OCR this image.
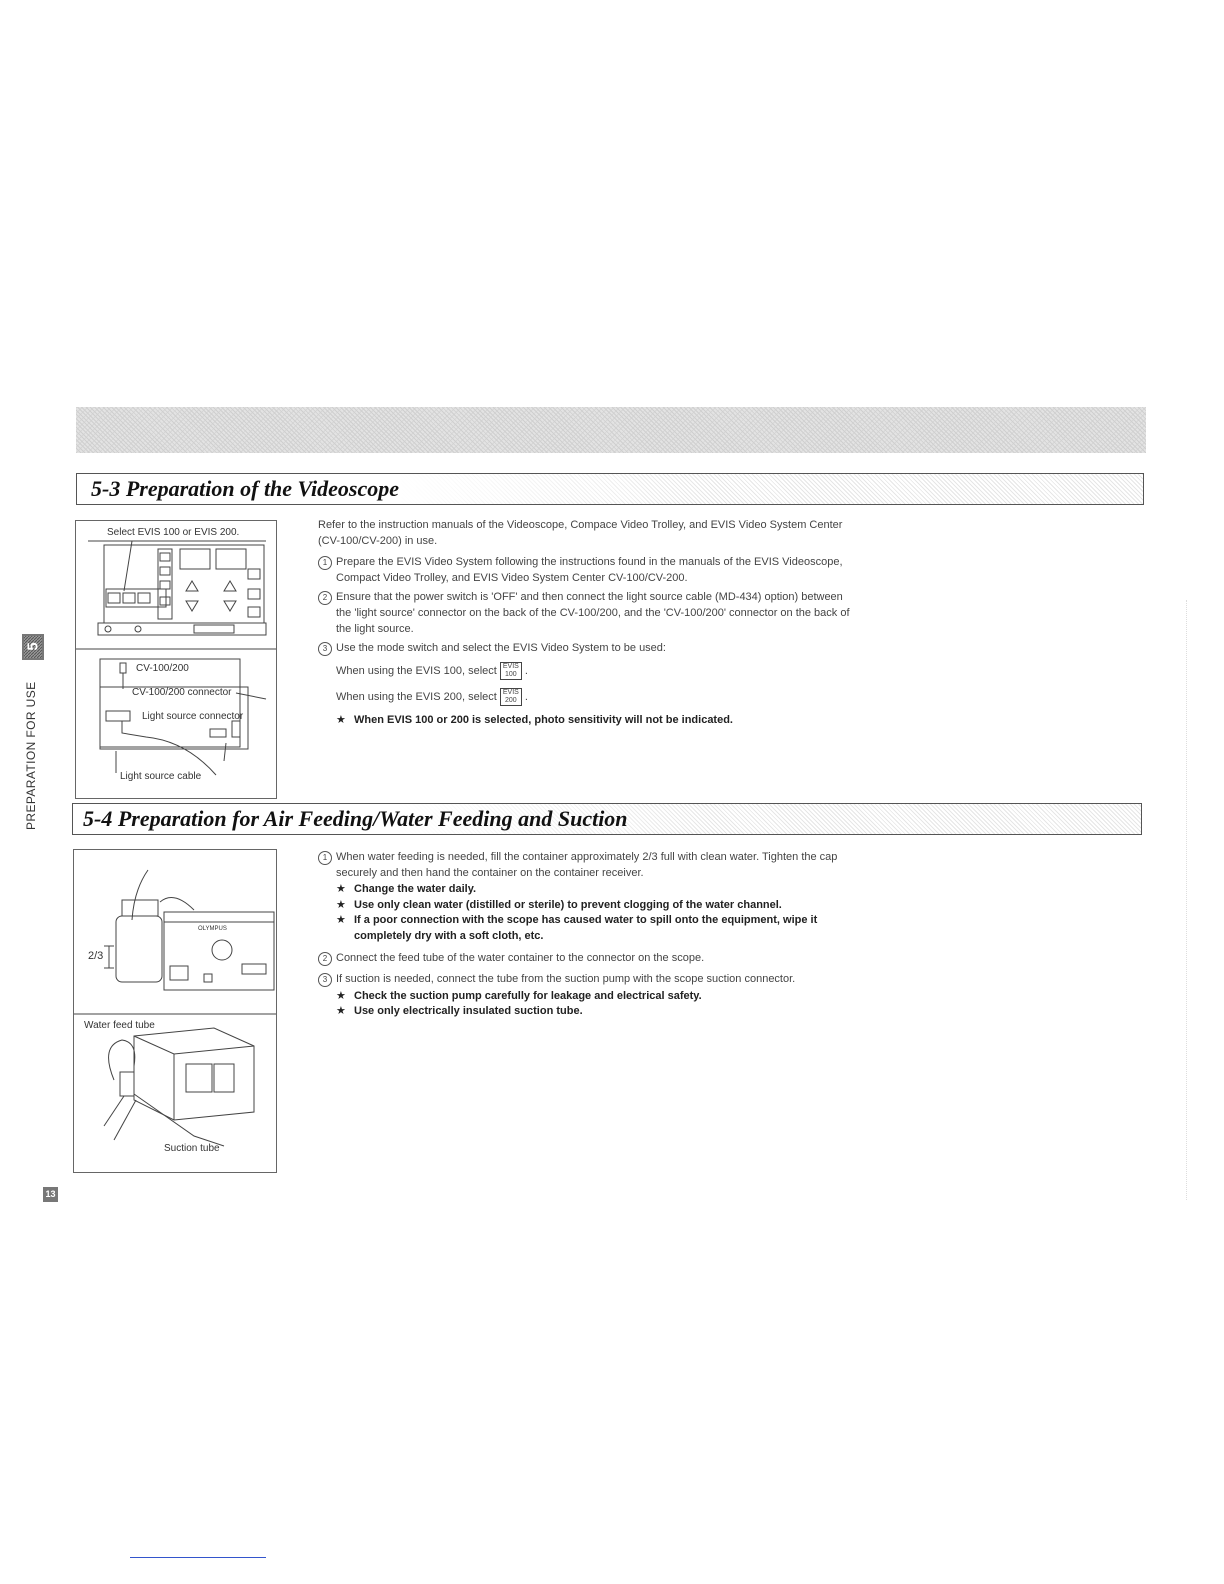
5
PREPARATION FOR USE
13
5-3 Preparation of the Videoscope
Select EVIS 100 or EVIS 200.
CV-100/200
CV-100/200 connector
Light source connector
Light source cable

Refer to the instruction manuals of the Videoscope, Compace Video Trolley, and EVIS Video System Center (CV-100/CV-200) in use.

1 Prepare the EVIS Video System following the instructions found in the manuals of the EVIS Videoscope, Compact Video Trolley, and EVIS Video System Center CV-100/CV-200.
2 Ensure that the power switch is 'OFF' and then connect the light source cable (MD-434) option) between the 'light source' connector on the back of the CV-100/200, and the 'CV-100/200' connector on the back of the light source.
3 Use the mode switch and select the EVIS Video System to be used:
When using the EVIS 100, select EVIS
100 .
When using the EVIS 200, select EVIS
200 .
★ When EVIS 100 or 200 is selected, photo sensitivity will not be indicated.
5-4 Preparation for Air Feeding/Water Feeding and Suction
2/3
OLYMPUS
Water feed tube
Suction tube
1 When water feeding is needed, fill the container approximately 2/3 full with clean water. Tighten the cap securely and then hand the container on the container receiver.
★ Change the water daily.
★ Use only clean water (distilled or sterile) to prevent clogging of the water channel.
★ If a poor connection with the scope has caused water to spill onto the equipment, wipe it completely dry with a soft cloth, etc.
2 Connect the feed tube of the water container to the connector on the scope.
3 If suction is needed, connect the tube from the suction pump with the scope suction connector.
★ Check the suction pump carefully for leakage and electrical safety.
★ Use only electrically insulated suction tube.
